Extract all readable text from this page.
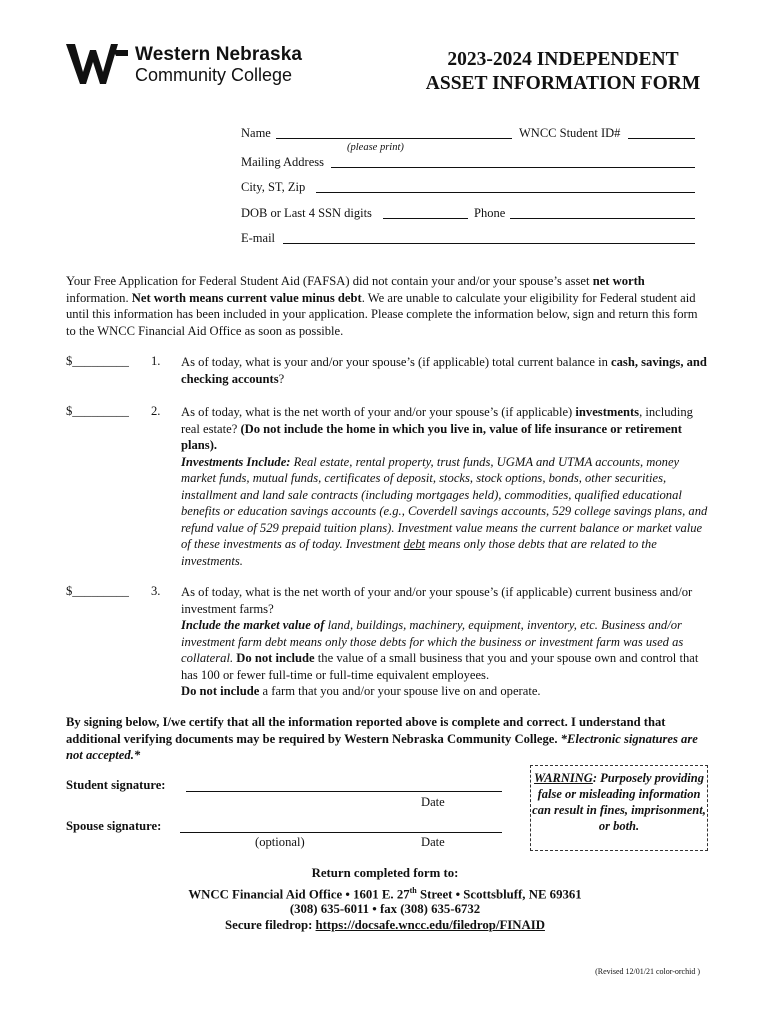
Western Nebraska
Community College
2023-2024 INDEPENDENT
ASSET INFORMATION FORM
Name	WNCC Student ID#
(please print)
Mailing Address
City, ST, Zip
DOB or Last 4 SSN digits	Phone
E-mail
Your Free Application for Federal Student Aid (FAFSA) did not contain your and/or your spouse’s asset net worth information. Net worth means current value minus debt. We are unable to calculate your eligibility for Federal student aid until this information has been included in your application. Please complete the information below, sign and return this form to the WNCC Financial Aid Office as soon as possible.
$_________ 1. As of today, what is your and/or your spouse’s (if applicable) total current balance in cash, savings, and checking accounts?
$_________ 2. As of today, what is the net worth of your and/or your spouse’s (if applicable) investments, including real estate? (Do not include the home in which you live in, value of life insurance or retirement plans).
Investments Include: Real estate, rental property, trust funds, UGMA and UTMA accounts, money market funds, mutual funds, certificates of deposit, stocks, stock options, bonds, other securities, installment and land sale contracts (including mortgages held), commodities, qualified educational benefits or education savings accounts (e.g., Coverdell savings accounts, 529 college savings plans, and refund value of 529 prepaid tuition plans). Investment value means the current balance or market value of these investments as of today. Investment debt means only those debts that are related to the investments.
$_________ 3. As of today, what is the net worth of your and/or your spouse’s (if applicable) current business and/or investment farms?
Include the market value of land, buildings, machinery, equipment, inventory, etc. Business and/or investment farm debt means only those debts for which the business or investment farm was used as collateral. Do not include the value of a small business that you and your spouse own and control that has 100 or fewer full-time or full-time equivalent employees.
Do not include a farm that you and/or your spouse live on and operate.
By signing below, I/we certify that all the information reported above is complete and correct. I understand that additional verifying documents may be required by Western Nebraska Community College. *Electronic signatures are not accepted.*
Student signature:
Date
Spouse signature:
(optional)	Date
WARNING: Purposely providing false or misleading information can result in fines, imprisonment, or both.
Return completed form to:
WNCC Financial Aid Office • 1601 E. 27th Street • Scottsbluff, NE 69361
(308) 635-6011 • fax (308) 635-6732
Secure filedrop: https://docsafe.wncc.edu/filedrop/FINAID
(Revised 12/01/21 color-orchid )
